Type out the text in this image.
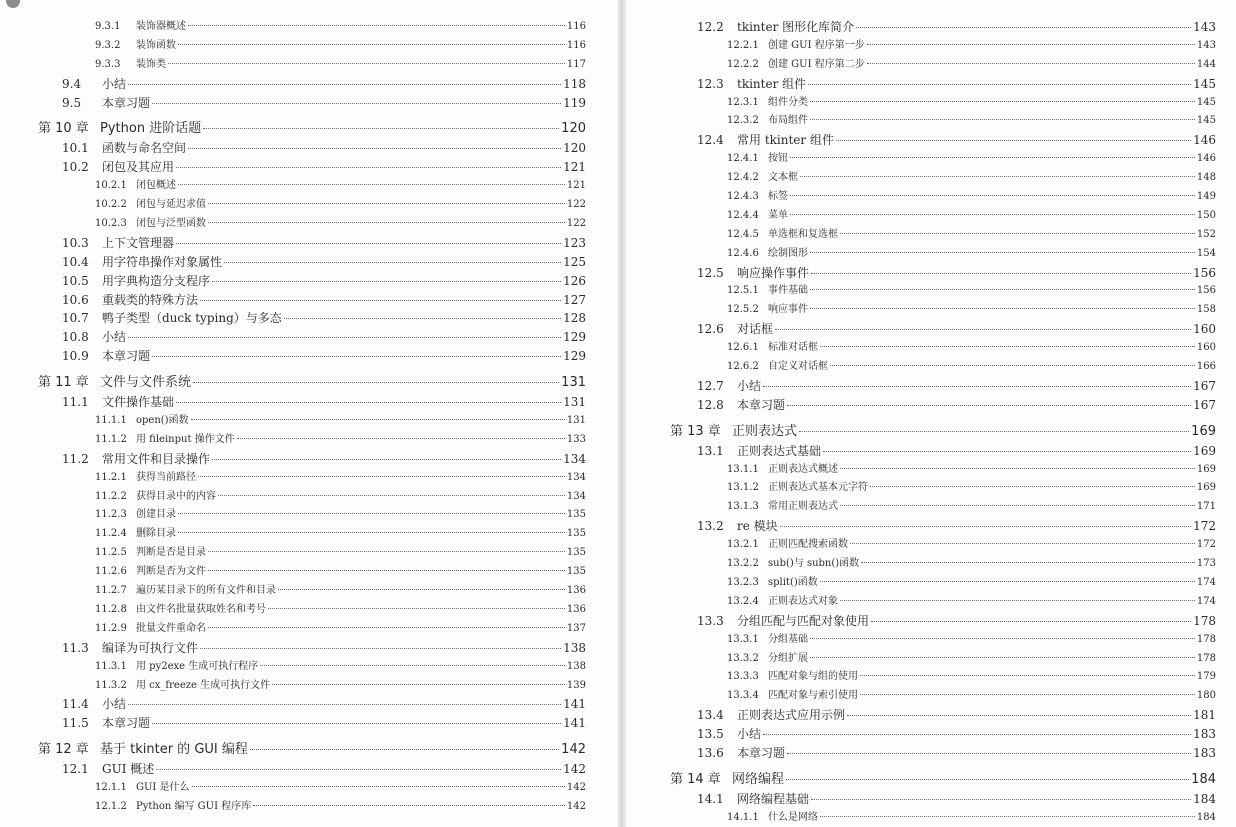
9.3.1	装饰器概述	116
9.3.2	装饰函数	116
9.3.3	装饰类	117
9.4	小结	118
9.5	本章习题	119
第 10 章 Python 进阶话题	120
10.1	函数与命名空间	120
10.2	闭包及其应用	121
10.2.1 闭包概述	121
10.2.2 闭包与延迟求值	122
10.2.3 闭包与泛型函数	122
10.3	上下文管理器	123
10.4	用字符串操作对象属性	125
10.5	用字典构造分支程序	126
10.6	重载类的特殊方法	127
10.7	鸭子类型（duck typing）与多态	128
10.8	小结	129
10.9	本章习题	129
第 11 章 文件与文件系统	131
11.1	文件操作基础	131
11.1.1 open()函数	131
11.1.2 用 fileinput 操作文件	133
11.2	常用文件和目录操作	134
11.2.1 获得当前路径	134
11.2.2 获得目录中的内容	134
11.2.3 创建目录	135
11.2.4 删除目录	135
11.2.5 判断是否是目录	135
11.2.6 判断是否为文件	135
11.2.7 遍历某目录下的所有文件和目录	136
11.2.8 由文件名批量获取姓名和考号	136
11.2.9 批量文件重命名	137
11.3	编译为可执行文件	138
11.3.1 用 py2exe 生成可执行程序	138
11.3.2 用 cx_freeze 生成可执行文件	139
11.4	小结	141
11.5	本章习题	141
第 12 章 基于 tkinter 的 GUI 编程	142
12.1	GUI 概述	142
12.1.1 GUI 是什么	142
12.1.2 Python 编写 GUI 程序库	142
12.2	tkinter 图形化库简介	143
12.2.1 创建 GUI 程序第一步	143
12.2.2 创建 GUI 程序第二步	144
12.3	tkinter 组件	145
12.3.1 组件分类	145
12.3.2 布局组件	145
12.4	常用 tkinter 组件	146
12.4.1 按钮	146
12.4.2 文本框	148
12.4.3 标签	149
12.4.4 菜单	150
12.4.5 单选框和复选框	152
12.4.6 绘制图形	154
12.5	响应操作事件	156
12.5.1 事件基础	156
12.5.2 响应事件	158
12.6	对话框	160
12.6.1 标准对话框	160
12.6.2 自定义对话框	166
12.7	小结	167
12.8	本章习题	167
第 13 章 正则表达式	169
13.1	正则表达式基础	169
13.1.1 正则表达式概述	169
13.1.2 正则表达式基本元字符	169
13.1.3 常用正则表达式	171
13.2	re 模块	172
13.2.1 正则匹配搜索函数	172
13.2.2 sub()与 subn()函数	173
13.2.3 split()函数	174
13.2.4 正则表达式对象	174
13.3	分组匹配与匹配对象使用	178
13.3.1 分组基础	178
13.3.2 分组扩展	178
13.3.3 匹配对象与组的使用	179
13.3.4 匹配对象与索引使用	180
13.4	正则表达式应用示例	181
13.5	小结	183
13.6	本章习题	183
第 14 章 网络编程	184
14.1	网络编程基础	184
14.1.1 什么是网络	184
